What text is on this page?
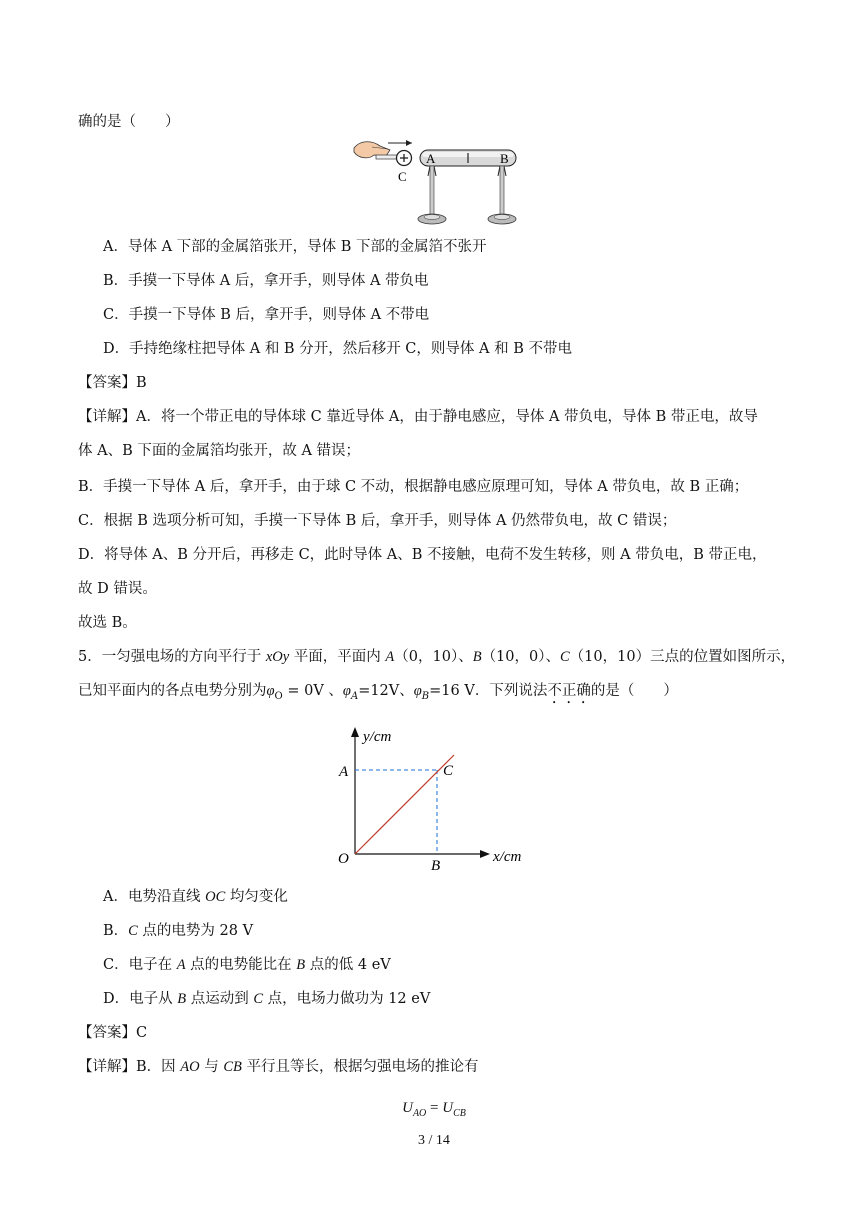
确的是（　　）
C
A	B
A．导体 A 下部的金属箔张开，导体 B 下部的金属箔不张开
B．手摸一下导体 A 后，拿开手，则导体 A 带负电
C．手摸一下导体 B 后，拿开手，则导体 A 不带电
D．手持绝缘柱把导体 A 和 B 分开，然后移开 C，则导体 A 和 B 不带电
【答案】B
【详解】A．将一个带正电的导体球 C 靠近导体 A，由于静电感应，导体 A 带负电，导体 B 带正电，故导
体 A、B 下面的金属箔均张开，故 A 错误；
B．手摸一下导体 A 后，拿开手，由于球 C 不动，根据静电感应原理可知，导体 A 带负电，故 B 正确；
C．根据 B 选项分析可知，手摸一下导体 B 后，拿开手，则导体 A 仍然带负电，故 C 错误；
D．将导体 A、B 分开后，再移走 C，此时导体 A、B 不接触，电荷不发生转移，则 A 带负电，B 带正电，
故 D 错误。
故选 B。
5．一匀强电场的方向平行于 xOy 平面，平面内 A（0，10）、B（10，0）、C（10，10）三点的位置如图所示，
已知平面内的各点电势分别为$\varphi_O = 0V$ 、$\varphi_A=12V$、$\varphi_B=16$ V．下列说法不正确的是（　　）
y/cm
x/cm
O
A
B
C
A．电势沿直线 OC 均匀变化
B．C 点的电势为 28 V
C．电子在 A 点的电势能比在 B 点的低 4 eV
D．电子从 B 点运动到 C 点，电场力做功为 12 eV
【答案】C
【详解】B．因 AO 与 CB 平行且等长，根据匀强电场的推论有
$U_{AO} = U_{CB}$
3 / 14
